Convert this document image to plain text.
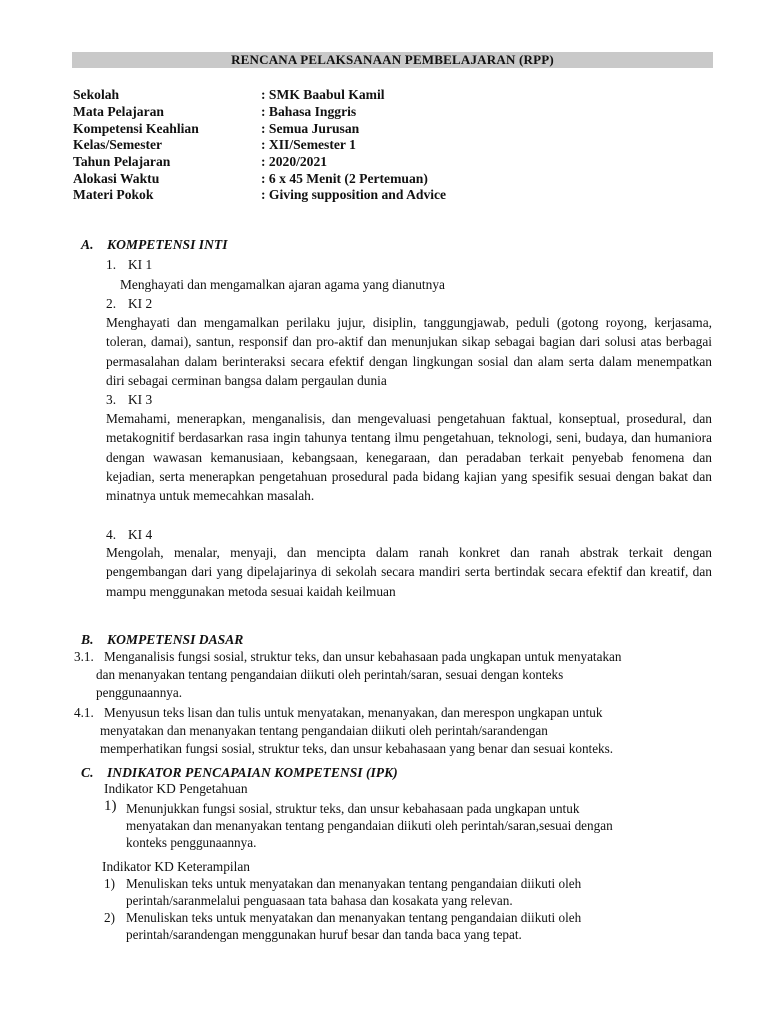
RENCANA PELAKSANAAN PEMBELAJARAN (RPP)
Sekolah	: SMK Baabul Kamil
Mata Pelajaran	: Bahasa Inggris
Kompetensi Keahlian	: Semua Jurusan
Kelas/Semester	: XII/Semester 1
Tahun Pelajaran	: 2020/2021
Alokasi Waktu	: 6 x 45 Menit (2 Pertemuan)
Materi Pokok	: Giving supposition and Advice
A. KOMPETENSI INTI
1. KI 1
Menghayati dan mengamalkan ajaran agama yang dianutnya
2. KI 2
Menghayati dan mengamalkan perilaku jujur, disiplin, tanggungjawab, peduli (gotong royong, kerjasama, toleran, damai), santun, responsif dan pro-aktif dan menunjukan sikap sebagai bagian dari solusi atas berbagai permasalahan dalam berinteraksi secara efektif dengan lingkungan sosial dan alam serta dalam menempatkan diri sebagai cerminan bangsa dalam pergaulan dunia
3. KI 3
Memahami, menerapkan, menganalisis, dan mengevaluasi pengetahuan faktual, konseptual, prosedural, dan metakognitif berdasarkan rasa ingin tahunya tentang ilmu pengetahuan, teknologi, seni, budaya, dan humaniora dengan wawasan kemanusiaan, kebangsaan, kenegaraan, dan peradaban terkait penyebab fenomena dan kejadian, serta menerapkan pengetahuan prosedural pada bidang kajian yang spesifik sesuai dengan bakat dan minatnya untuk memecahkan masalah.
4. KI 4
Mengolah, menalar, menyaji, dan mencipta dalam ranah konkret dan ranah abstrak terkait dengan pengembangan dari yang dipelajarinya di sekolah secara mandiri serta bertindak secara efektif dan kreatif, dan mampu menggunakan metoda sesuai kaidah keilmuan
B. KOMPETENSI DASAR
3.1. Menganalisis fungsi sosial, struktur teks, dan unsur kebahasaan pada ungkapan untuk menyatakan
dan menanyakan tentang pengandaian diikuti oleh perintah/saran, sesuai dengan konteks
penggunaannya.
4.1. Menyusun teks lisan dan tulis untuk menyatakan, menanyakan, dan merespon ungkapan untuk
menyatakan dan menanyakan tentang pengandaian diikuti oleh perintah/sarandengan
memperhatikan fungsi sosial, struktur teks, dan unsur kebahasaan yang benar dan sesuai konteks.
C. INDIKATOR PENCAPAIAN KOMPETENSI (IPK)
Indikator KD Pengetahuan
1) Menunjukkan fungsi sosial, struktur teks, dan unsur kebahasaan pada ungkapan untuk
menyatakan dan menanyakan tentang pengandaian diikuti oleh perintah/saran,sesuai dengan
konteks penggunaannya.
Indikator KD Keterampilan
1) Menuliskan teks untuk menyatakan dan menanyakan tentang pengandaian diikuti oleh
perintah/saranmelalui penguasaan tata bahasa dan kosakata yang relevan.
2) Menuliskan teks untuk menyatakan dan menanyakan tentang pengandaian diikuti oleh
perintah/sarandengan menggunakan huruf besar dan tanda baca yang tepat.
